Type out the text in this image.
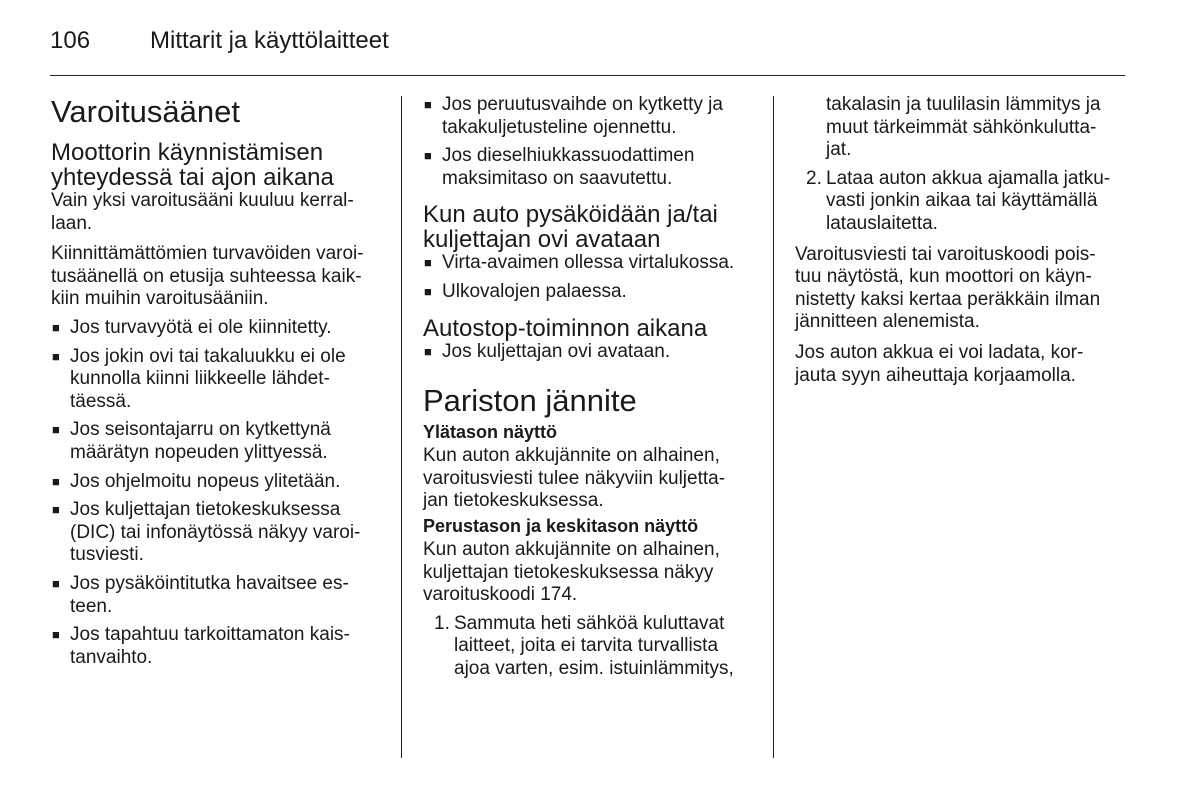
106 Mittarit ja käyttölaitteet
Varoitusäänet
Moottorin käynnistämisen
yhteydessä tai ajon aikana

Vain yksi varoitusääni kuuluu kerral-
laan.

Kiinnittämättömien turvavöiden varoi-
tusäänellä on etusija suhteessa kaik-
kiin muihin varoitusääniin.

■ Jos turvavyötä ei ole kiinnitetty.
■ Jos jokin ovi tai takaluukku ei ole
kunnolla kiinni liikkeelle lähdet-
täessä.
■ Jos seisontajarru on kytkettynä
määrätyn nopeuden ylittyessä.
■ Jos ohjelmoitu nopeus ylitetään.
■ Jos kuljettajan tietokeskuksessa
(DIC) tai infonäytössä näkyy varoi-
tusviesti.
■ Jos pysäköintitutka havaitsee es-
teen.
■ Jos tapahtuu tarkoittamaton kais-
tanvaihto.
■ Jos peruutusvaihde on kytketty ja
takakuljetusteline ojennettu.
■ Jos dieselhiukkassuodattimen
maksimitaso on saavutettu.
Kun auto pysäköidään ja/tai
kuljettajan ovi avataan
■ Virta-avaimen ollessa virtalukossa.
■ Ulkovalojen palaessa.
Autostop-toiminnon aikana
■ Jos kuljettajan ovi avataan.
Pariston jännite
Ylätason näyttö

Kun auton akkujännite on alhainen,
varoitusviesti tulee näkyviin kuljetta-
jan tietokeskuksessa.

Perustason ja keskitason näyttö

Kun auton akkujännite on alhainen,
kuljettajan tietokeskuksessa näkyy
varoituskoodi 174.

1. Sammuta heti sähköä kuluttavat
laitteet, joita ei tarvita turvallista
ajoa varten, esim. istuinlämmitys,
takalasin ja tuulilasin lämmitys ja
muut tärkeimmät sähkönkulutta-
jat.
2. Lataa auton akkua ajamalla jatku-
vasti jonkin aikaa tai käyttämällä
latauslaitetta.

Varoitusviesti tai varoituskoodi pois-
tuu näytöstä, kun moottori on käyn-
nistetty kaksi kertaa peräkkäin ilman
jännitteen alenemista.

Jos auton akkua ei voi ladata, kor-
jauta syyn aiheuttaja korjaamolla.
